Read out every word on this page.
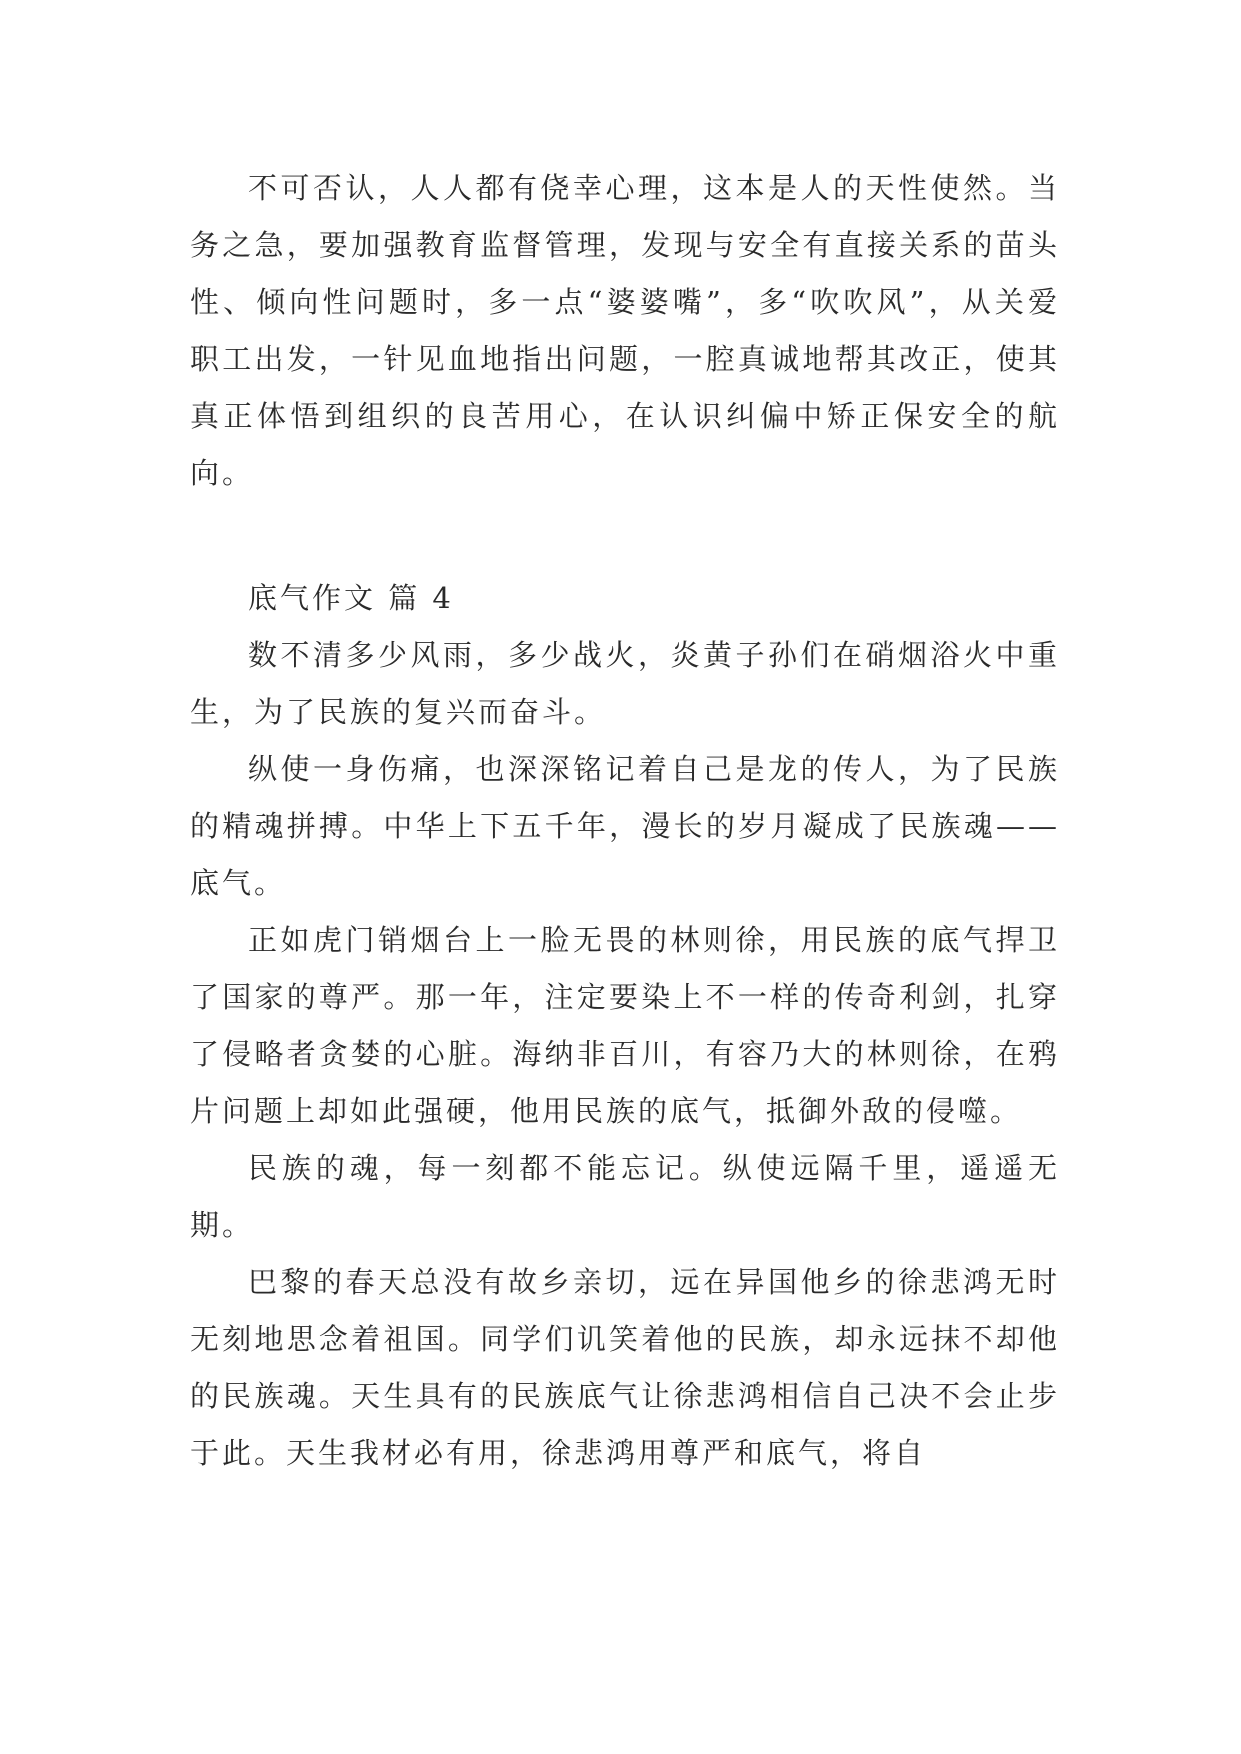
不可否认，人人都有侥幸心理，这本是人的天性使然。当务之急，要加强教育监督管理，发现与安全有直接关系的苗头性、倾向性问题时，多一点“婆婆嘴”，多“吹吹风”，从关爱职工出发，一针见血地指出问题，一腔真诚地帮其改正，使其真正体悟到组织的良苦用心，在认识纠偏中矫正保安全的航向。

底气作文 篇 4

数不清多少风雨，多少战火，炎黄子孙们在硝烟浴火中重生，为了民族的复兴而奋斗。

纵使一身伤痛，也深深铭记着自己是龙的传人，为了民族的精魂拼搏。中华上下五千年，漫长的岁月凝成了民族魂——底气。

正如虎门销烟台上一脸无畏的林则徐，用民族的底气捍卫了国家的尊严。那一年，注定要染上不一样的传奇利剑，扎穿了侵略者贪婪的心脏。海纳非百川，有容乃大的林则徐，在鸦片问题上却如此强硬，他用民族的底气，抵御外敌的侵噬。

民族的魂，每一刻都不能忘记。纵使远隔千里，遥遥无期。

巴黎的春天总没有故乡亲切，远在异国他乡的徐悲鸿无时无刻地思念着祖国。同学们讥笑着他的民族，却永远抹不却他的民族魂。天生具有的民族底气让徐悲鸿相信自己决不会止步于此。天生我材必有用，徐悲鸿用尊严和底气，将自
